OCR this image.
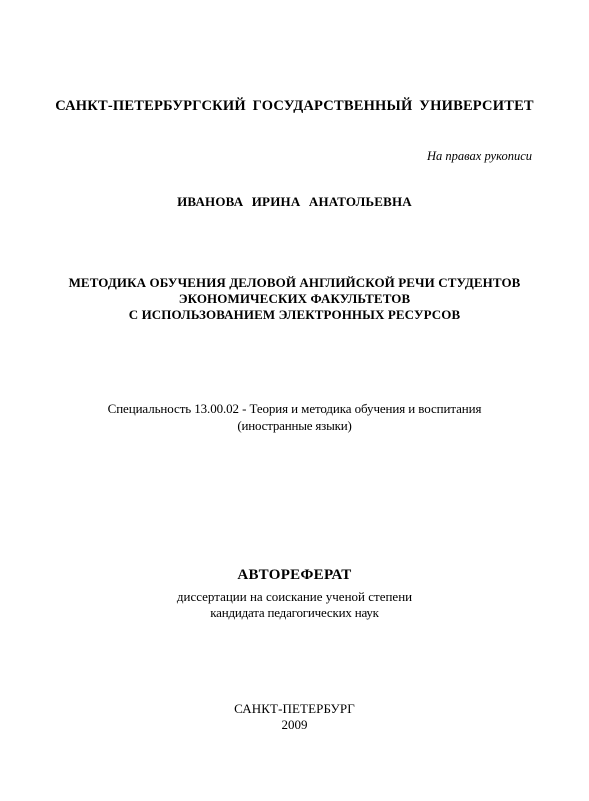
САНКТ-ПЕТЕРБУРГСКИЙ ГОСУДАРСТВЕННЫЙ УНИВЕРСИТЕТ
На правах рукописи
ИВАНОВА ИРИНА АНАТОЛЬЕВНА
МЕТОДИКА ОБУЧЕНИЯ ДЕЛОВОЙ АНГЛИЙСКОЙ РЕЧИ СТУДЕНТОВ
ЭКОНОМИЧЕСКИХ ФАКУЛЬТЕТОВ
С ИСПОЛЬЗОВАНИЕМ ЭЛЕКТРОННЫХ РЕСУРСОВ
Специальность 13.00.02 - Теория и методика обучения и воспитания
(иностранные языки)
АВТОРЕФЕРАТ
диссертации на соискание ученой степени
кандидата педагогических наук
САНКТ-ПЕТЕРБУРГ
2009
